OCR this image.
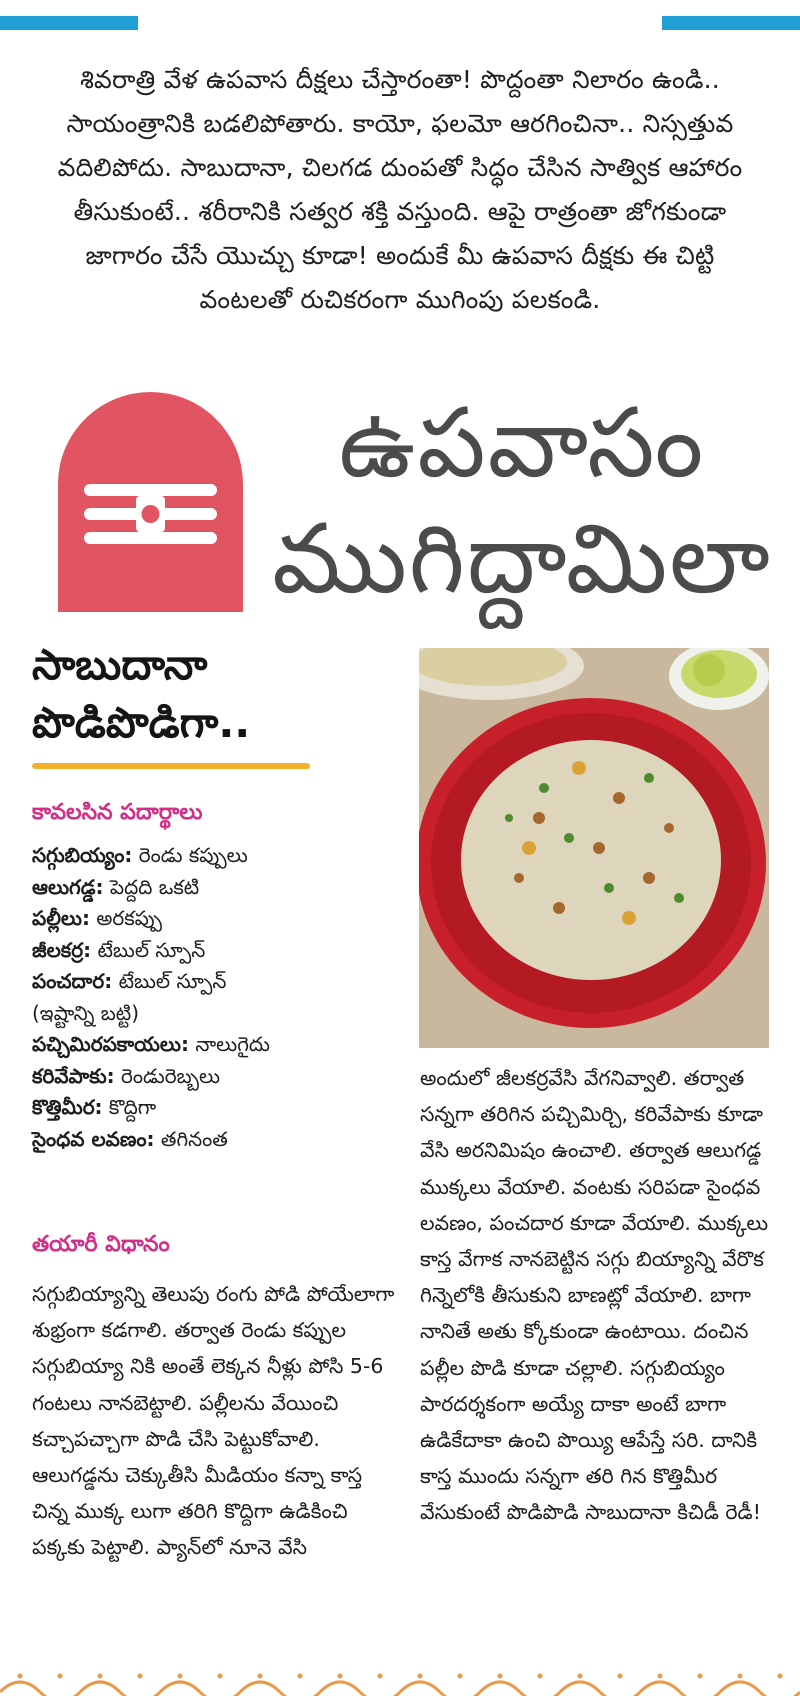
శివరాత్రి వేళ ఉపవాస దీక్షలు చేస్తారంతా! పొద్దంతా నిలారం ఉండి.. సాయంత్రానికి బడలిపోతారు. కాయో, ఫలమో ఆరగించినా.. నిస్సత్తువ వదిలిపోదు. సాబుదానా, చిలగడ దుంపతో సిద్ధం చేసిన సాత్విక ఆహారం తీసుకుంటే.. శరీరానికి సత్వర శక్తి వస్తుంది. ఆపై రాత్రంతా జోగకుండా జాగారం చేసే యెుచ్చు కూడా! అందుకే మీ ఉపవాస దీక్షకు ఈ చిట్టి వంటలతో రుచికరంగా ముగింపు పలకండి.
ఉపవాసం
ముగిద్దామిలా
సాబుదానా
పొడిపొడిగా..
కావలసిన పదార్థాలు
సగ్గుబియ్యం: రెండు కప్పులు
ఆలుగడ్డ: పెద్దది ఒకటి
పల్లీలు: అరకప్పు
జీలకర్ర: టేబుల్ స్పూన్
పంచదార: టేబుల్ స్పూన్
(ఇష్టాన్ని బట్టి)
పచ్చిమిరపకాయలు: నాలుగైదు
కరివేపాకు: రెండురెబ్బలు
కొత్తిమీర: కొద్దిగా
సైంధవ లవణం: తగినంత
తయారీ విధానం
సగ్గుబియ్యాన్ని తెలుపు రంగు పోడి పోయేలాగా శుభ్రంగా కడగాలి. తర్వాత రెండు కప్పుల సగ్గుబియ్యా నికి అంతే లెక్కన నీళ్లు పోసి 5-6 గంటలు నానబెట్టాలి. పల్లీలను వేయించి కచ్చాపచ్చాగా పొడి చేసి పెట్టుకోవాలి. ఆలుగడ్డను చెక్కుతీసి మీడియం కన్నా కాస్త చిన్న ముక్క లుగా తరిగి కొద్దిగా ఉడికించి పక్కకు పెట్టాలి. ప్యాన్‌లో నూనె వేసి
అందులో జీలకర్రవేసి వేగనివ్వాలి. తర్వాత సన్నగా తరిగిన పచ్చిమిర్చి, కరివేపాకు కూడా వేసి అరనిమిషం ఉంచాలి. తర్వాత ఆలుగడ్డ ముక్కలు వేయాలి. వంటకు సరిపడా సైంధవ లవణం, పంచదార కూడా వేయాలి. ముక్కలు కాస్త వేగాక నానబెట్టిన సగ్గు బియ్యాన్ని వేరొక గిన్నెలోకి తీసుకుని బాణట్లో వేయాలి. బాగా నానితే అతు క్కోకుండా ఉంటాయి. దంచిన పల్లీల పొడి కూడా చల్లాలి. సగ్గుబియ్యం పారదర్శకంగా అయ్యే దాకా అంటే బాగా ఉడికేదాకా ఉంచి పొయ్యి ఆపేస్తే సరి. దానికి కాస్త ముందు సన్నగా తరి గిన కొత్తిమీర వేసుకుంటే పొడిపొడి సాబుదానా కిచిడీ రెడీ!
